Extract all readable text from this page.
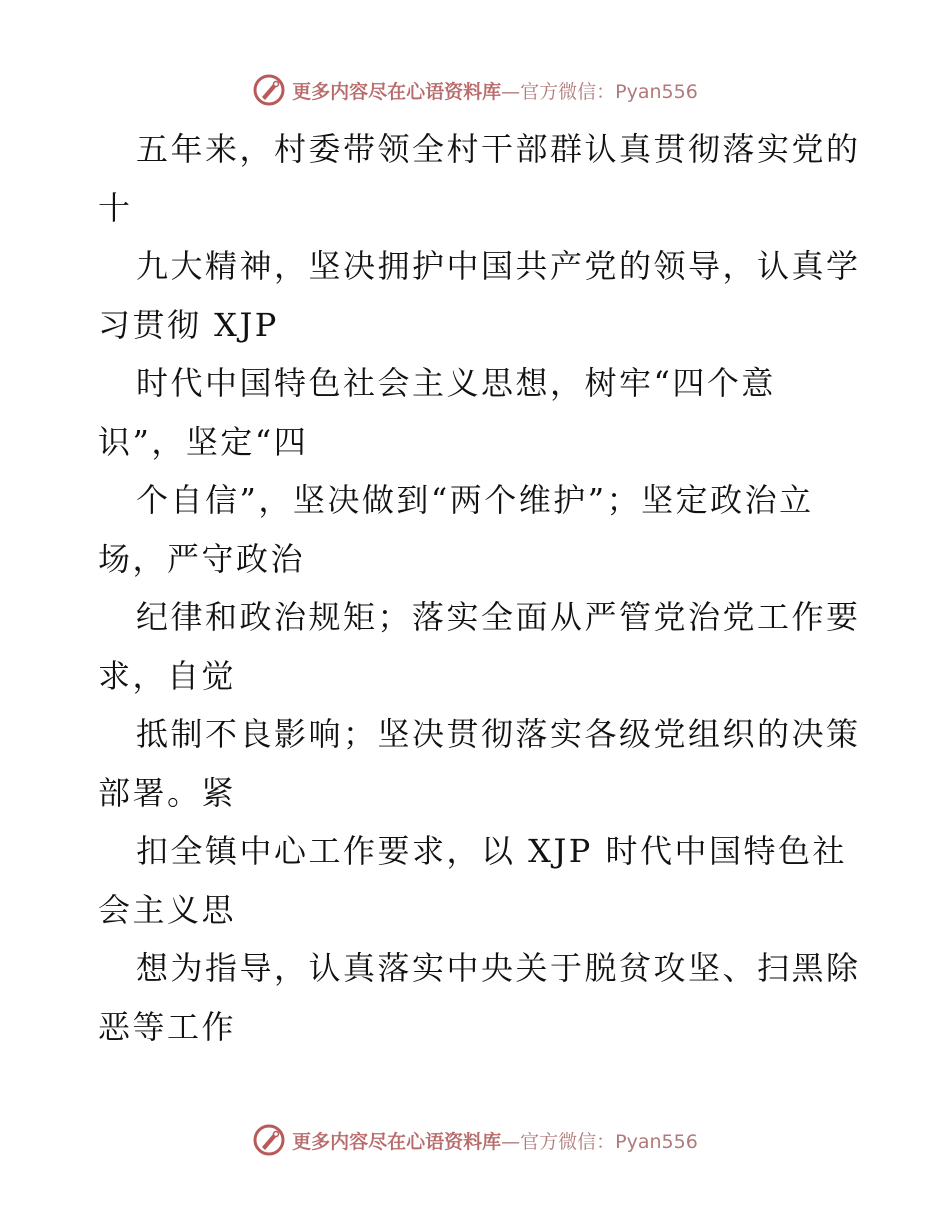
更多内容尽在心语资料库 —官方微信：Pyan556
五年来，村委带领全村干部群认真贯彻落实党的
十
九大精神，坚决拥护中国共产党的领导，认真学
习贯彻 XJP
时代中国特色社会主义思想，树牢“四个意
识”，坚定“四
个自信”，坚决做到“两个维护”；坚定政治立
场，严守政治
纪律和政治规矩；落实全面从严管党治党工作要
求，自觉
抵制不良影响；坚决贯彻落实各级党组织的决策
部署。紧
扣全镇中心工作要求，以 XJP 时代中国特色社
会主义思
想为指导，认真落实中央关于脱贫攻坚、扫黑除
恶等工作
更多内容尽在心语资料库 —官方微信：Pyan556
